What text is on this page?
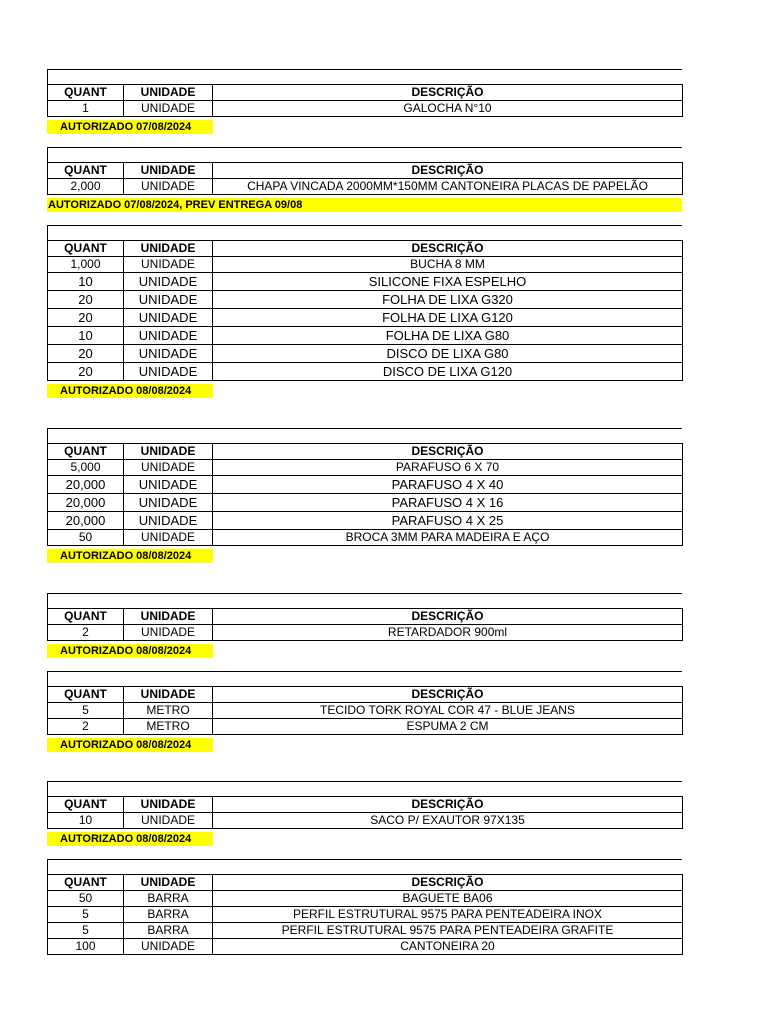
QUANT	UNIDADE	DESCRIÇÃO
1	UNIDADE	GALOCHA N°10
AUTORIZADO 07/08/2024
QUANT	UNIDADE	DESCRIÇÃO
2,000	UNIDADE	CHAPA VINCADA 2000MM*150MM CANTONEIRA PLACAS DE PAPELÃO
AUTORIZADO 07/08/2024, PREV ENTREGA 09/08
QUANT	UNIDADE	DESCRIÇÃO
1,000	UNIDADE	BUCHA 8 MM
10	UNIDADE	SILICONE FIXA ESPELHO
20	UNIDADE	FOLHA DE LIXA G320
20	UNIDADE	FOLHA DE LIXA G120
10	UNIDADE	FOLHA DE LIXA G80
20	UNIDADE	DISCO DE LIXA G80
20	UNIDADE	DISCO DE LIXA G120
AUTORIZADO 08/08/2024
QUANT	UNIDADE	DESCRIÇÃO
5,000	UNIDADE	PARAFUSO 6 X 70
20,000	UNIDADE	PARAFUSO 4 X 40
20,000	UNIDADE	PARAFUSO 4 X 16
20,000	UNIDADE	PARAFUSO 4 X 25
50	UNIDADE	BROCA 3MM PARA MADEIRA E AÇO
AUTORIZADO 08/08/2024
QUANT	UNIDADE	DESCRIÇÃO
2	UNIDADE	RETARDADOR 900ml
AUTORIZADO 08/08/2024
QUANT	UNIDADE	DESCRIÇÃO
5	METRO	TECIDO TORK ROYAL COR 47 - BLUE JEANS
2	METRO	ESPUMA 2 CM
AUTORIZADO 08/08/2024
QUANT	UNIDADE	DESCRIÇÃO
10	UNIDADE	SACO P/ EXAUTOR 97X135
AUTORIZADO 08/08/2024
QUANT	UNIDADE	DESCRIÇÃO
50	BARRA	BAGUETE BA06
5	BARRA	PERFIL ESTRUTURAL 9575 PARA PENTEADEIRA INOX
5	BARRA	PERFIL ESTRUTURAL 9575 PARA PENTEADEIRA GRAFITE
100	UNIDADE	CANTONEIRA 20
